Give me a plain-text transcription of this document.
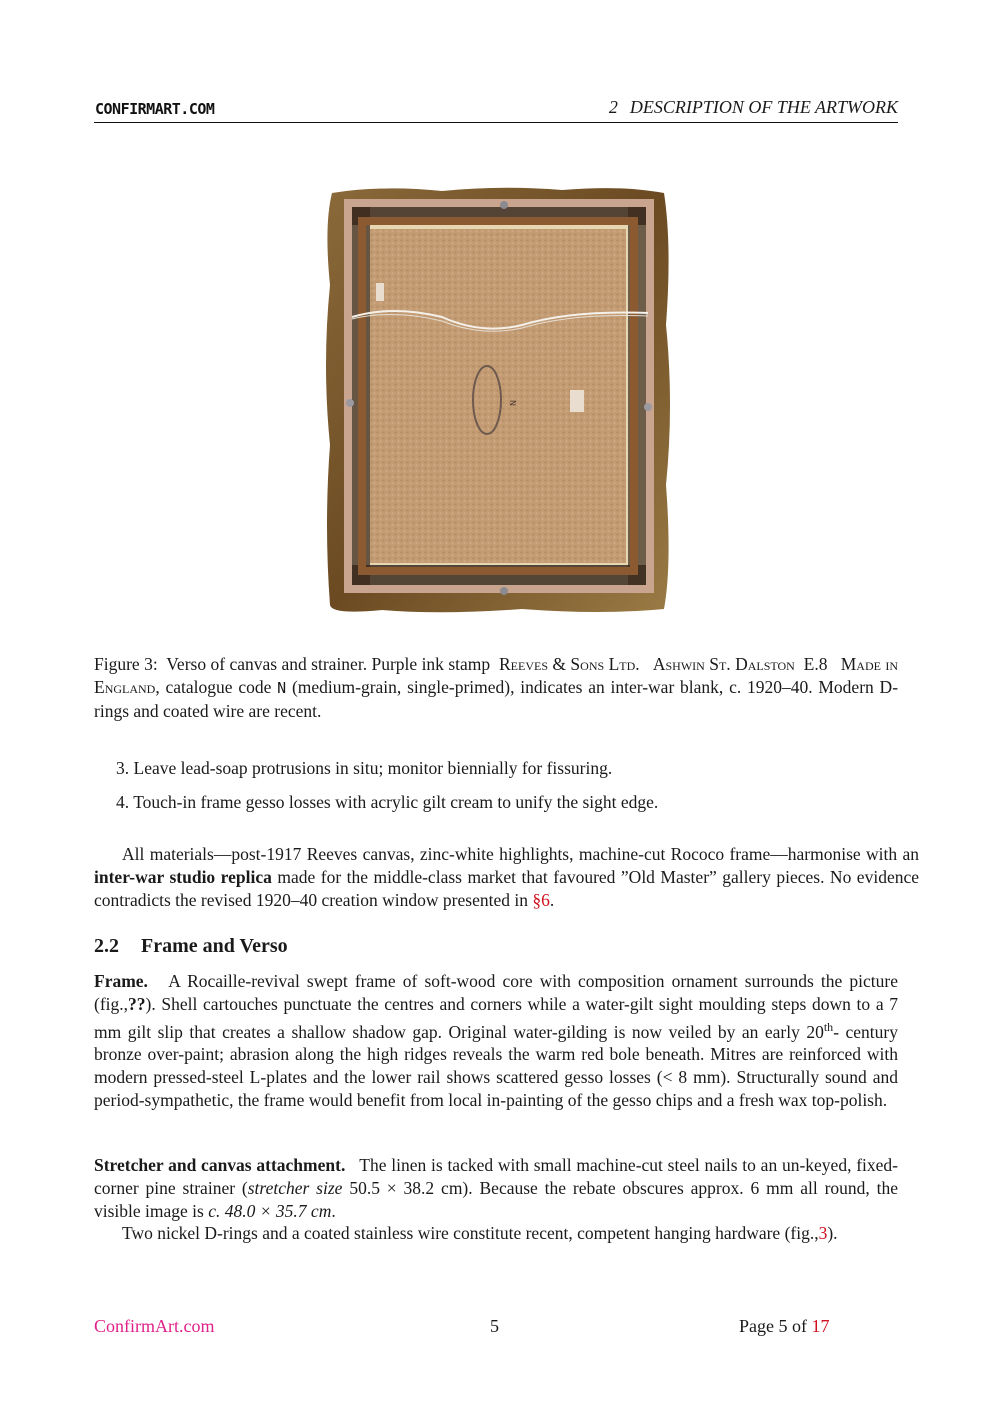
CONFIRMART.COM	2 DESCRIPTION OF THE ARTWORK
N
Figure 3: Verso of canvas and strainer. Purple ink stamp Reeves & Sons Ltd. Ashwin St. Dalston E.8 Made in England, catalogue code N (medium-grain, single-primed), indicates an inter-war blank, c. 1920–40. Modern D-rings and coated wire are recent.
3. Leave lead-soap protrusions in situ; monitor biennially for fissuring.
4. Touch-in frame gesso losses with acrylic gilt cream to unify the sight edge.
All materials—post-1917 Reeves canvas, zinc-white highlights, machine-cut Rococo frame—harmonise with an inter-war studio replica made for the middle-class market that favoured ”Old Master” gallery pieces. No evidence contradicts the revised 1920–40 creation window presented in §6.
2.2 Frame and Verso
Frame. A Rocaille-revival swept frame of soft-wood core with composition ornament surrounds the picture (fig.,??). Shell cartouches punctuate the centres and corners while a water-gilt sight moulding steps down to a 7 mm gilt slip that creates a shallow shadow gap. Original water-gilding is now veiled by an early 20th- century bronze over-paint; abrasion along the high ridges reveals the warm red bole beneath. Mitres are reinforced with modern pressed-steel L-plates and the lower rail shows scattered gesso losses (< 8 mm). Structurally sound and period-sympathetic, the frame would benefit from local in-painting of the gesso chips and a fresh wax top-polish.
Stretcher and canvas attachment. The linen is tacked with small machine-cut steel nails to an un-keyed, fixed-corner pine strainer (stretcher size 50.5 × 38.2 cm). Because the rebate obscures approx. 6 mm all round, the visible image is c. 48.0 × 35.7 cm.
Two nickel D-rings and a coated stainless wire constitute recent, competent hanging hardware (fig.,3).
ConfirmArt.com	5	Page 5 of 17
